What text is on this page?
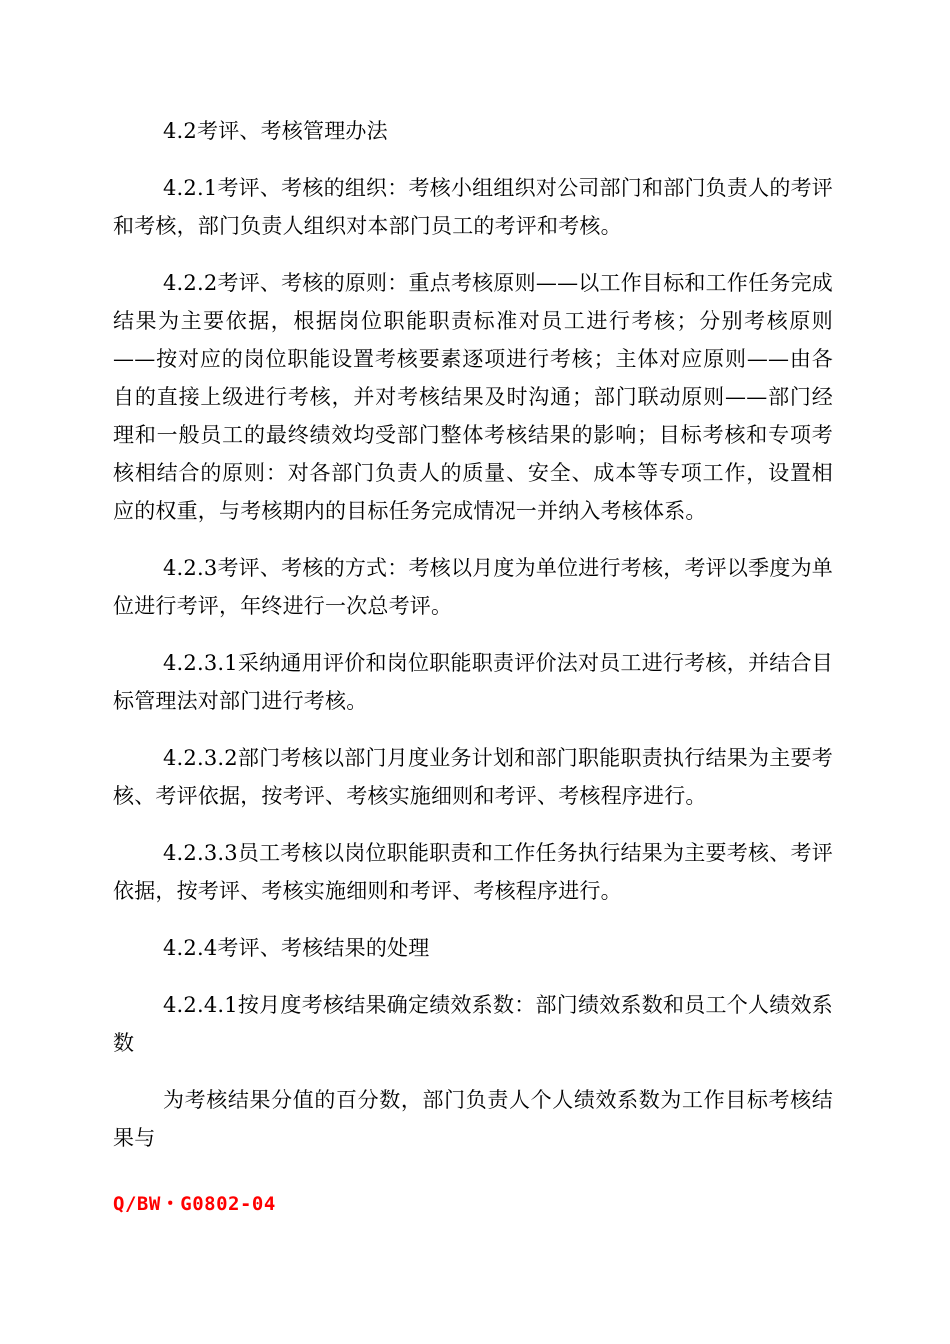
4.2考评、考核管理办法

4.2.1考评、考核的组织：考核小组组织对公司部门和部门负责人的考评和考核，部门负责人组织对本部门员工的考评和考核。

4.2.2考评、考核的原则：重点考核原则——以工作目标和工作任务完成结果为主要依据，根据岗位职能职责标准对员工进行考核；分别考核原则——按对应的岗位职能设置考核要素逐项进行考核；主体对应原则——由各自的直接上级进行考核，并对考核结果及时沟通；部门联动原则——部门经理和一般员工的最终绩效均受部门整体考核结果的影响；目标考核和专项考核相结合的原则：对各部门负责人的质量、安全、成本等专项工作，设置相应的权重，与考核期内的目标任务完成情况一并纳入考核体系。

4.2.3考评、考核的方式：考核以月度为单位进行考核，考评以季度为单位进行考评，年终进行一次总考评。

4.2.3.1采纳通用评价和岗位职能职责评价法对员工进行考核，并结合目标管理法对部门进行考核。

4.2.3.2部门考核以部门月度业务计划和部门职能职责执行结果为主要考核、考评依据，按考评、考核实施细则和考评、考核程序进行。

4.2.3.3员工考核以岗位职能职责和工作任务执行结果为主要考核、考评依据，按考评、考核实施细则和考评、考核程序进行。

4.2.4考评、考核结果的处理

4.2.4.1按月度考核结果确定绩效系数：部门绩效系数和员工个人绩效系数

为考核结果分值的百分数，部门负责人个人绩效系数为工作目标考核结果与

Q/BW・G0802-04
